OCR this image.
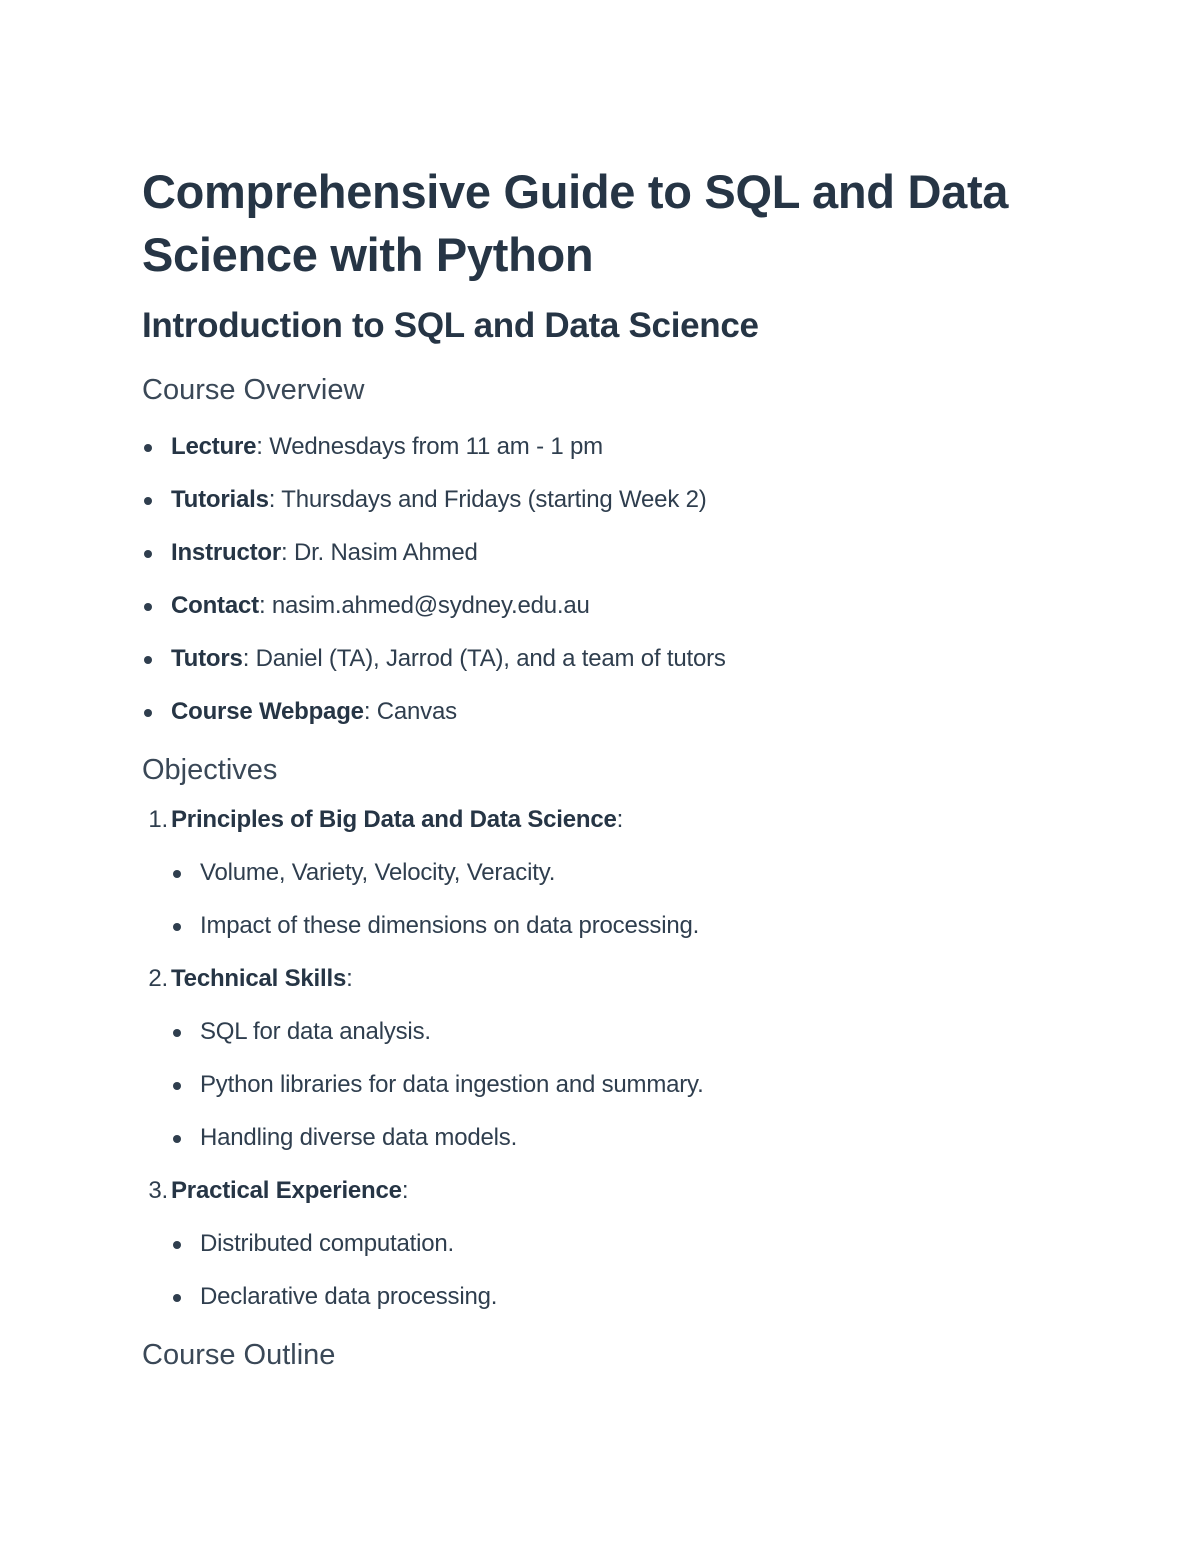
Comprehensive Guide to SQL and Data Science with Python
Introduction to SQL and Data Science
Course Overview
Lecture: Wednesdays from 11 am - 1 pm
Tutorials: Thursdays and Fridays (starting Week 2)
Instructor: Dr. Nasim Ahmed
Contact: nasim.ahmed@sydney.edu.au
Tutors: Daniel (TA), Jarrod (TA), and a team of tutors
Course Webpage: Canvas
Objectives
1. Principles of Big Data and Data Science:
Volume, Variety, Velocity, Veracity.
Impact of these dimensions on data processing.
2. Technical Skills:
SQL for data analysis.
Python libraries for data ingestion and summary.
Handling diverse data models.
3. Practical Experience:
Distributed computation.
Declarative data processing.
Course Outline
